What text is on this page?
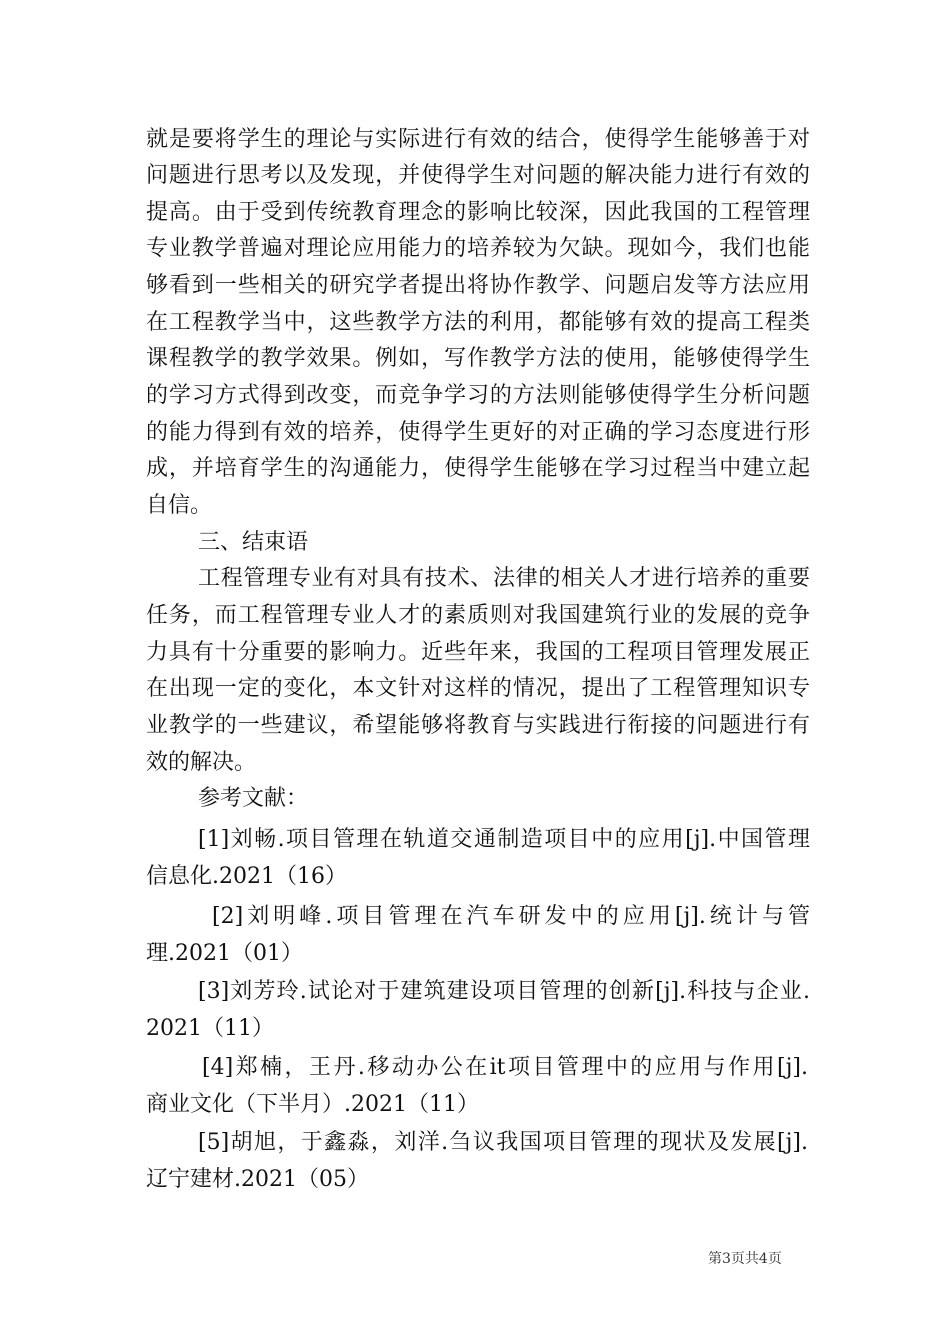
就是要将学生的理论与实际进行有效的结合，使得学生能够善于对
问题进行思考以及发现，并使得学生对问题的解决能力进行有效的
提高。由于受到传统教育理念的影响比较深，因此我国的工程管理
专业教学普遍对理论应用能力的培养较为欠缺。现如今，我们也能
够看到一些相关的研究学者提出将协作教学、问题启发等方法应用
在工程教学当中，这些教学方法的利用，都能够有效的提高工程类
课程教学的教学效果。例如，写作教学方法的使用，能够使得学生
的学习方式得到改变，而竞争学习的方法则能够使得学生分析问题
的能力得到有效的培养，使得学生更好的对正确的学习态度进行形
成，并培育学生的沟通能力，使得学生能够在学习过程当中建立起
自信。
三、结束语
工程管理专业有对具有技术、法律的相关人才进行培养的重要
任务，而工程管理专业人才的素质则对我国建筑行业的发展的竞争
力具有十分重要的影响力。近些年来，我国的工程项目管理发展正
在出现一定的变化，本文针对这样的情况，提出了工程管理知识专
业教学的一些建议，希望能够将教育与实践进行衔接的问题进行有
效的解决。
参考文献：
[1]刘畅.项目管理在轨道交通制造项目中的应用[j].中国管理
信息化.2021（16）
[2]刘明峰.项目管理在汽车研发中的应用[j].统计与管
理.2021（01）
[3]刘芳玲.试论对于建筑建设项目管理的创新[j].科技与企业.
2021（11）
[4]郑楠，王丹.移动办公在it项目管理中的应用与作用[j].
商业文化（下半月）.2021（11）
[5]胡旭，于鑫淼，刘洋.刍议我国项目管理的现状及发展[j].
辽宁建材.2021（05）
第3页共4页
